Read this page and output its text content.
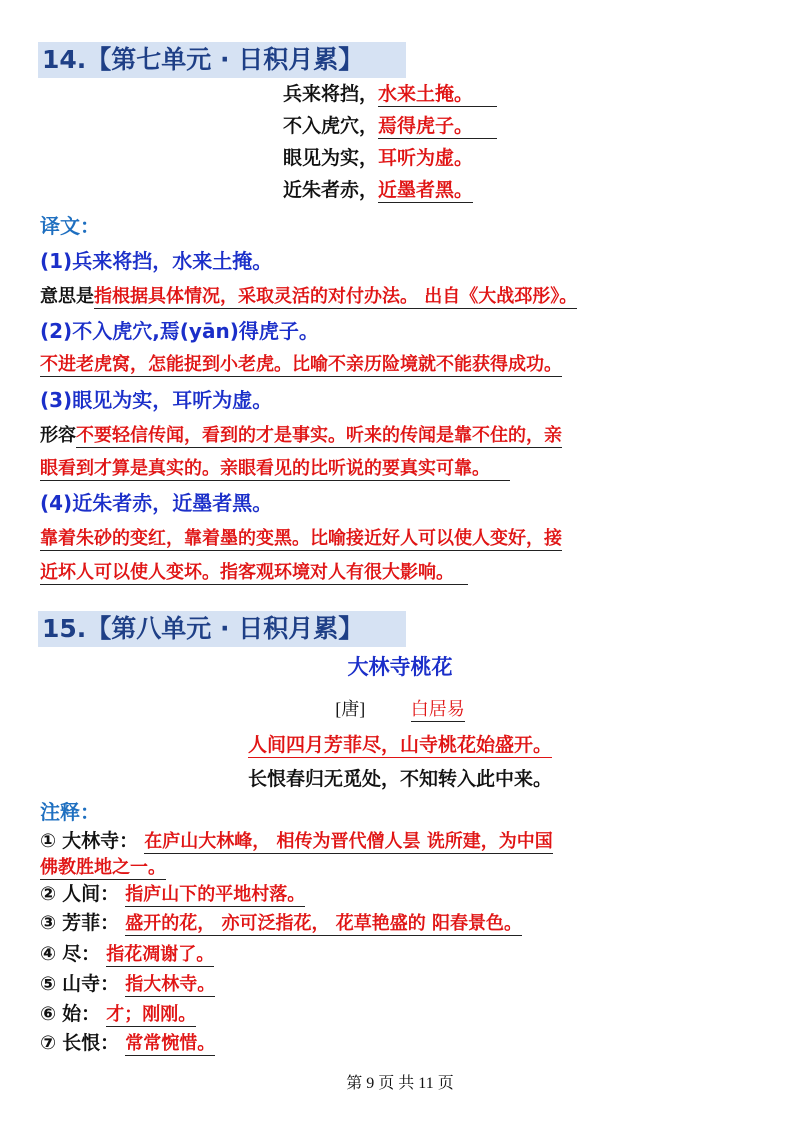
14.【第七单元 · 日积月累】
兵来将挡，水来土掩。
不入虎穴，焉得虎子。
眼见为实，耳听为虚。
近朱者赤，近墨者黑。
译文：
(1)兵来将挡，水来土掩。
意思是指根据具体情况，采取灵活的对付办法。 出自《大战邳彤》。
(2)不入虎穴,焉(yān)得虎子。
不进老虎窝，怎能捉到小老虎。比喻不亲历险境就不能获得成功。
(3)眼见为实，耳听为虚。
形容不要轻信传闻，看到的才是事实。听来的传闻是靠不住的，亲
眼看到才算是真实的。亲眼看见的比听说的要真实可靠。
(4)近朱者赤，近墨者黑。
靠着朱砂的变红，靠着墨的变黑。比喻接近好人可以使人变好，接
近坏人可以使人变坏。指客观环境对人有很大影响。
15.【第八单元 · 日积月累】
大林寺桃花
[唐]	白居易
人间四月芳菲尽，山寺桃花始盛开。
长恨春归无觅处，不知转入此中来。
注释：
① 大林寺： 在庐山大林峰， 相传为晋代僧人昙 诜所建，为中国
佛教胜地之一。
② 人间： 指庐山下的平地村落。
③ 芳菲： 盛开的花， 亦可泛指花， 花草艳盛的 阳春景色。
④ 尽： 指花凋谢了。
⑤ 山寺： 指大林寺。
⑥ 始： 才；刚刚。
⑦ 长恨： 常常惋惜。
第 9 页 共 11 页
